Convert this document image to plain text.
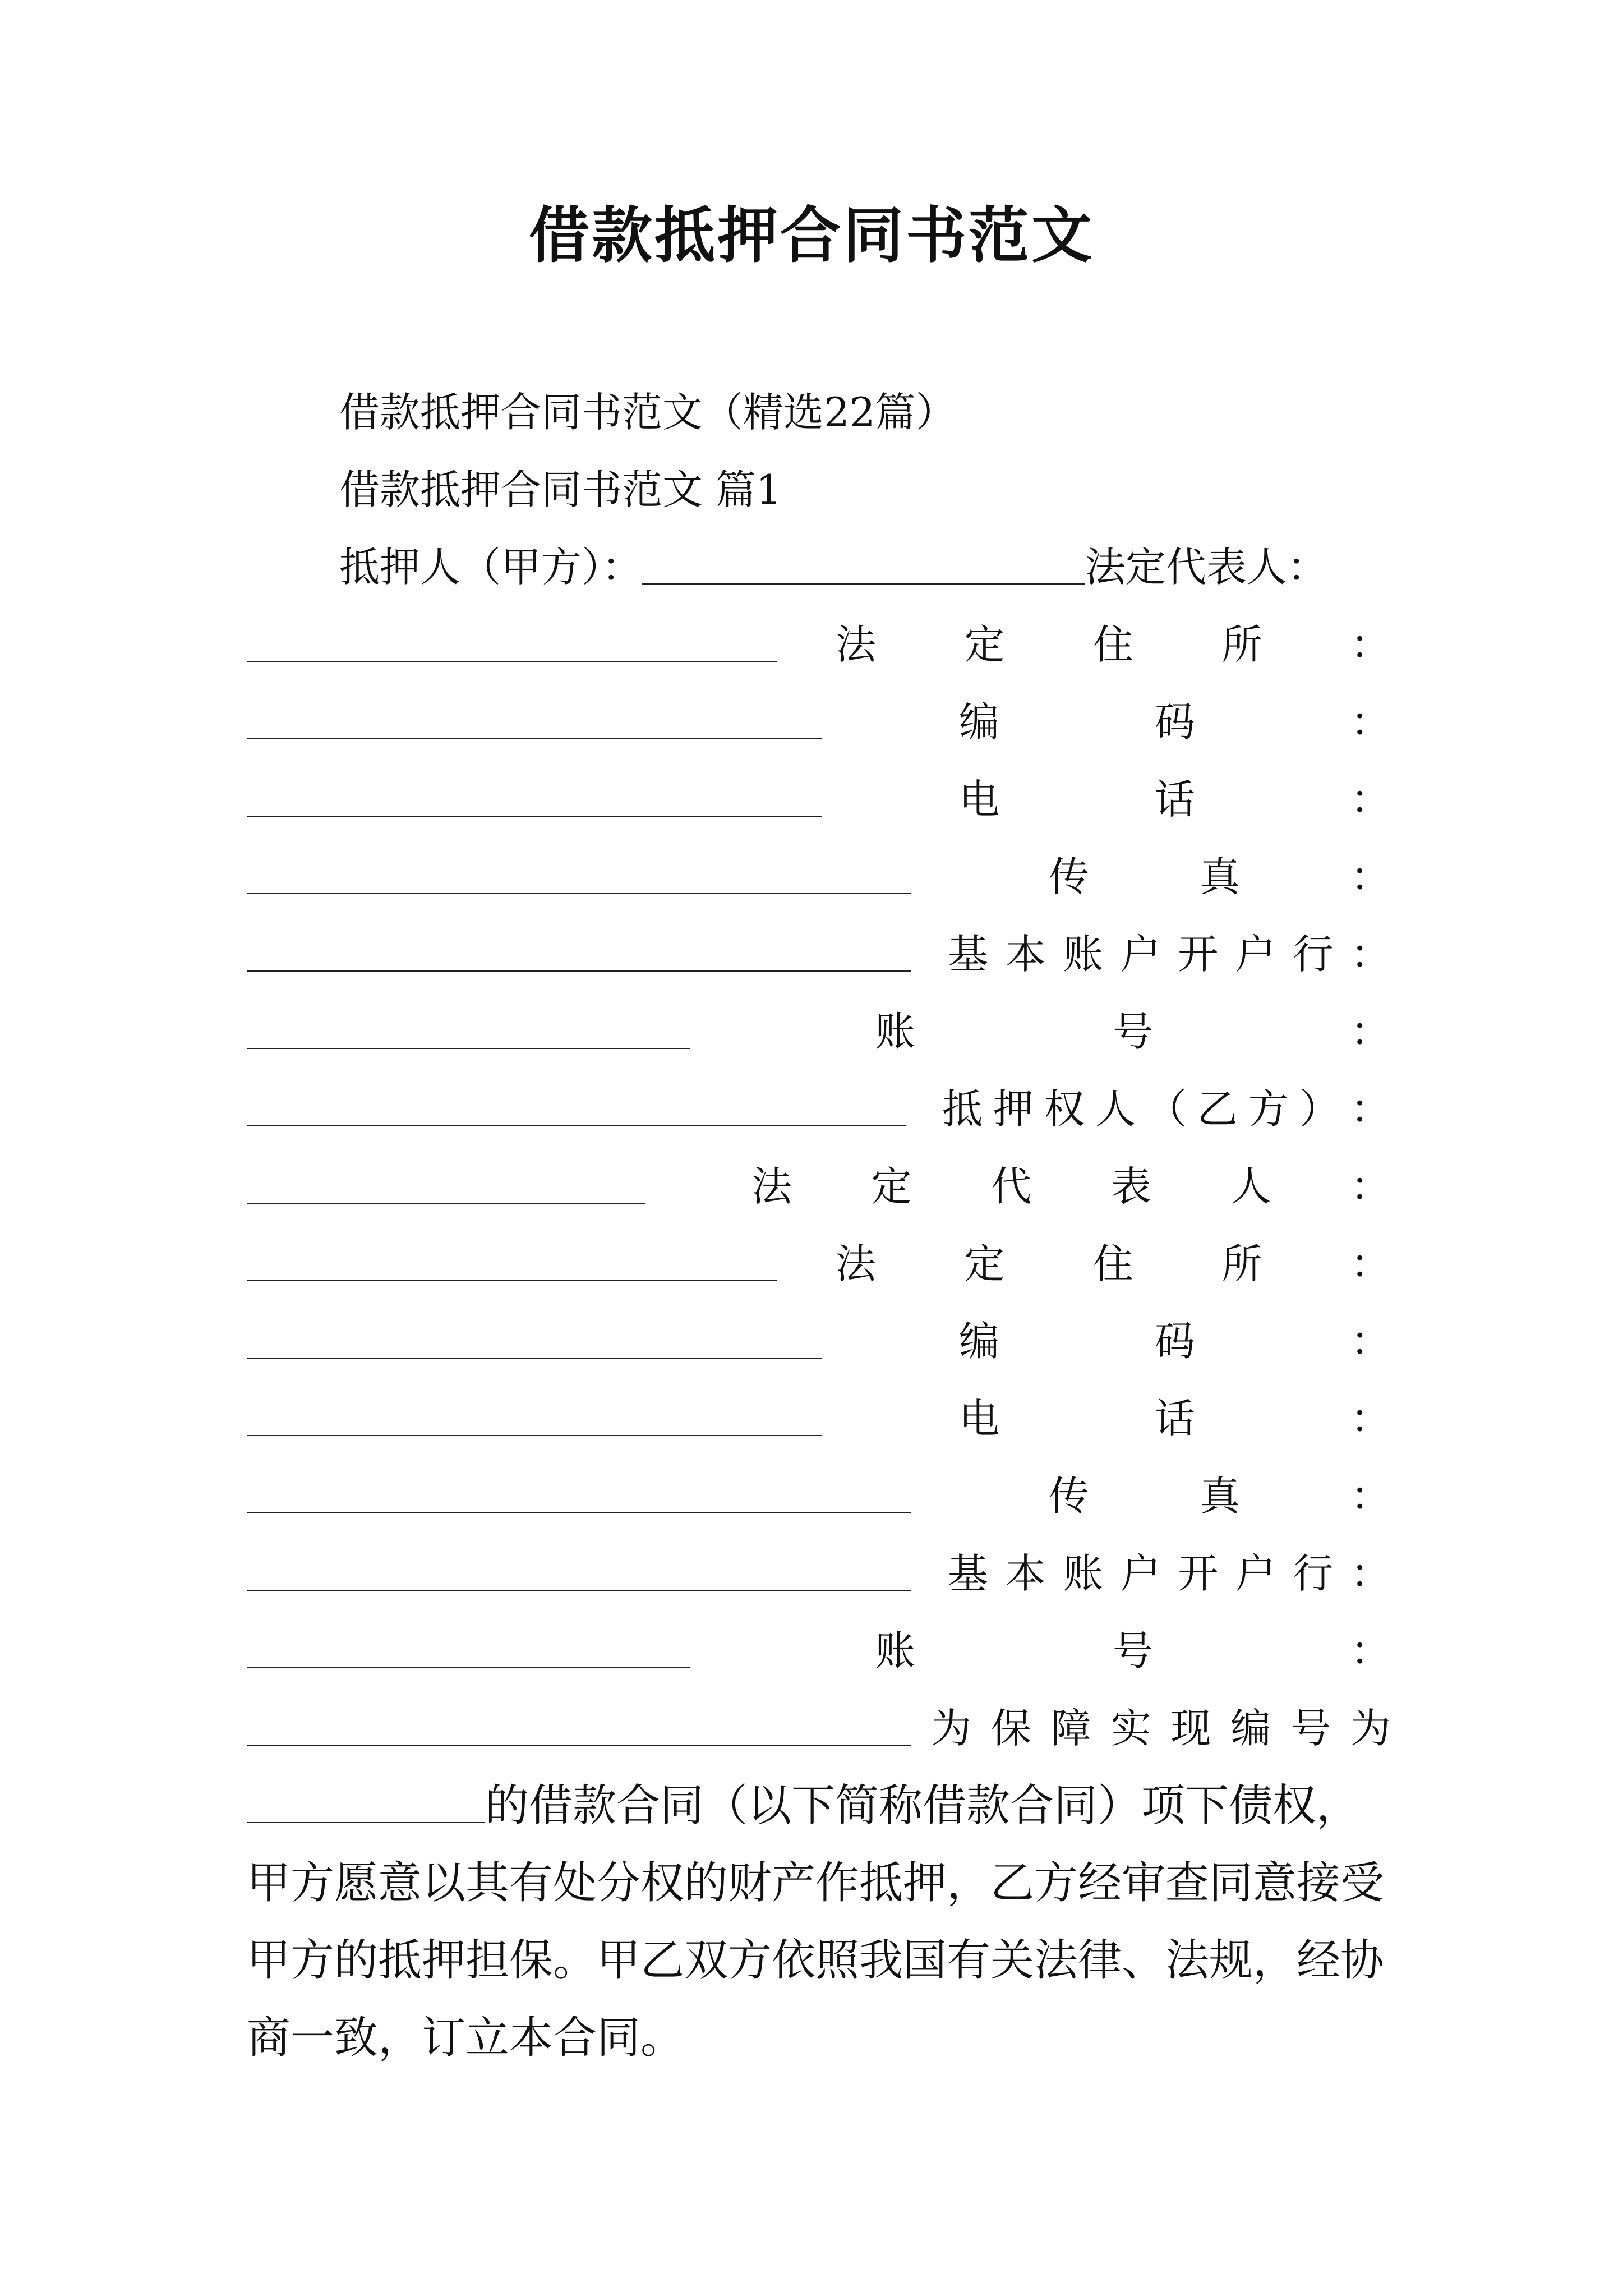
借款抵押合同书范文
借款抵押合同书范文（精选22篇）
借款抵押合同书范文 篇1
抵押人（甲方）：	法定代表人：
法 定 住 所 ：
编	码	：
电	话	：
传	真	：
基 本 账 户 开 户 行 ：
账	号	：
抵 押 权 人 （ 乙 方 ） ：
法 定 代 表 人 ：
法 定 住 所 ：
编	码	：
电	话	：
传	真	：
基 本 账 户 开 户 行 ：
账	号	：
为 保 障 实 现 编 号 为
的借款合同（以下简称借款合同）项下债权，
甲方愿意以其有处分权的财产作抵押，乙方经审查同意接受
甲方的抵押担保。甲乙双方依照我国有关法律、法规，经协
商一致，订立本合同。
